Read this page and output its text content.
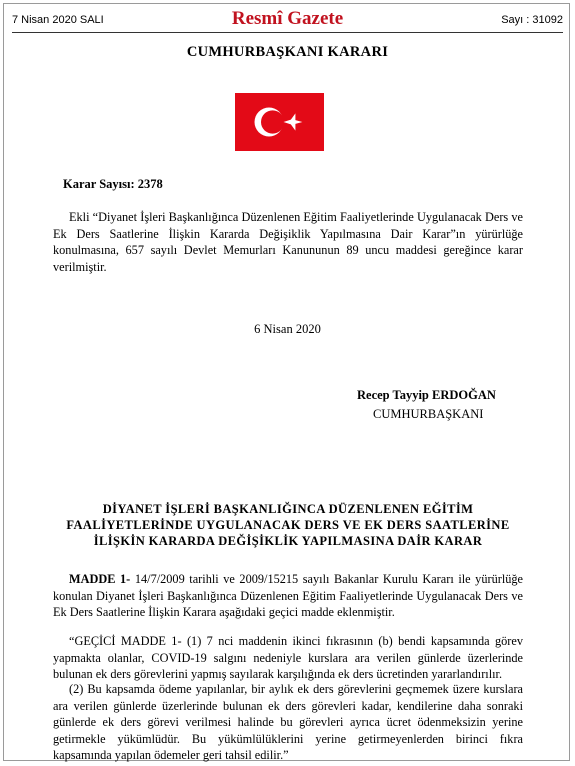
7 Nisan 2020 SALI	Resmî Gazete	Sayı : 31092
CUMHURBAŞKANI KARARI
Karar Sayısı: 2378
Ekli “Diyanet İşleri Başkanlığınca Düzenlenen Eğitim Faaliyetlerinde Uygulanacak Ders ve Ek Ders Saatlerine İlişkin Kararda Değişiklik Yapılmasına Dair Karar”ın yürürlüğe konulmasına, 657 sayılı Devlet Memurları Kanununun 89 uncu maddesi gereğince karar verilmiştir.
6 Nisan 2020
Recep Tayyip ERDOĞAN
CUMHURBAŞKANI
DİYANET İŞLERİ BAŞKANLIĞINCA DÜZENLENEN EĞİTİM FAALİYETLERİNDE UYGULANACAK DERS VE EK DERS SAATLERİNE İLİŞKİN KARARDA DEĞİŞİKLİK YAPILMASINA DAİR KARAR
MADDE 1- 14/7/2009 tarihli ve 2009/15215 sayılı Bakanlar Kurulu Kararı ile yürürlüğe konulan Diyanet İşleri Başkanlığınca Düzenlenen Eğitim Faaliyetlerinde Uygulanacak Ders ve Ek Ders Saatlerine İlişkin Karara aşağıdaki geçici madde eklenmiştir.
“GEÇİCİ MADDE 1- (1) 7 nci maddenin ikinci fıkrasının (b) bendi kapsamında görev yapmakta olanlar, COVID-19 salgını nedeniyle kurslara ara verilen günlerde üzerlerinde bulunan ek ders görevlerini yapmış sayılarak karşılığında ek ders ücretinden yararlandırılır.
(2) Bu kapsamda ödeme yapılanlar, bir aylık ek ders görevlerini geçmemek üzere kurslara ara verilen günlerde üzerlerinde bulunan ek ders görevleri kadar, kendilerine daha sonraki günlerde ek ders görevi verilmesi halinde bu görevleri ayrıca ücret ödenmeksizin yerine getirmekle yükümlüdür. Bu yükümlülüklerini yerine getirmeyenlerden birinci fıkra kapsamında yapılan ödemeler geri tahsil edilir.”
